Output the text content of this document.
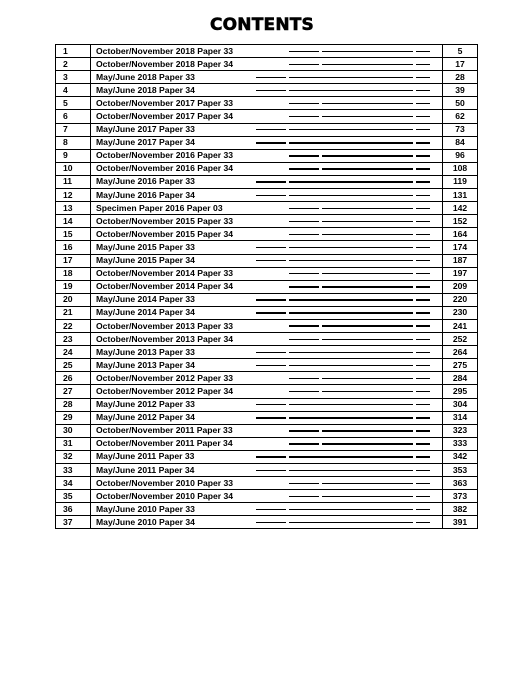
CONTENTS
1	October/November 2018 Paper 33	5
2	October/November 2018 Paper 34	17
3	May/June 2018 Paper 33	28
4	May/June 2018 Paper 34	39
5	October/November 2017 Paper 33	50
6	October/November 2017 Paper 34	62
7	May/June 2017 Paper 33	73
8	May/June 2017 Paper 34	84
9	October/November 2016 Paper 33	96
10	October/November 2016 Paper 34	108
11	May/June 2016 Paper 33	119
12	May/June 2016 Paper 34	131
13	Specimen Paper 2016 Paper 03	142
14	October/November 2015 Paper 33	152
15	October/November 2015 Paper 34	164
16	May/June 2015 Paper 33	174
17	May/June 2015 Paper 34	187
18	October/November 2014 Paper 33	197
19	October/November 2014 Paper 34	209
20	May/June 2014 Paper 33	220
21	May/June 2014 Paper 34	230
22	October/November 2013 Paper 33	241
23	October/November 2013 Paper 34	252
24	May/June 2013 Paper 33	264
25	May/June 2013 Paper 34	275
26	October/November 2012 Paper 33	284
27	October/November 2012 Paper 34	295
28	May/June 2012 Paper 33	304
29	May/June 2012 Paper 34	314
30	October/November 2011 Paper 33	323
31	October/November 2011 Paper 34	333
32	May/June 2011 Paper 33	342
33	May/June 2011 Paper 34	353
34	October/November 2010 Paper 33	363
35	October/November 2010 Paper 34	373
36	May/June 2010 Paper 33	382
37	May/June 2010 Paper 34	391
